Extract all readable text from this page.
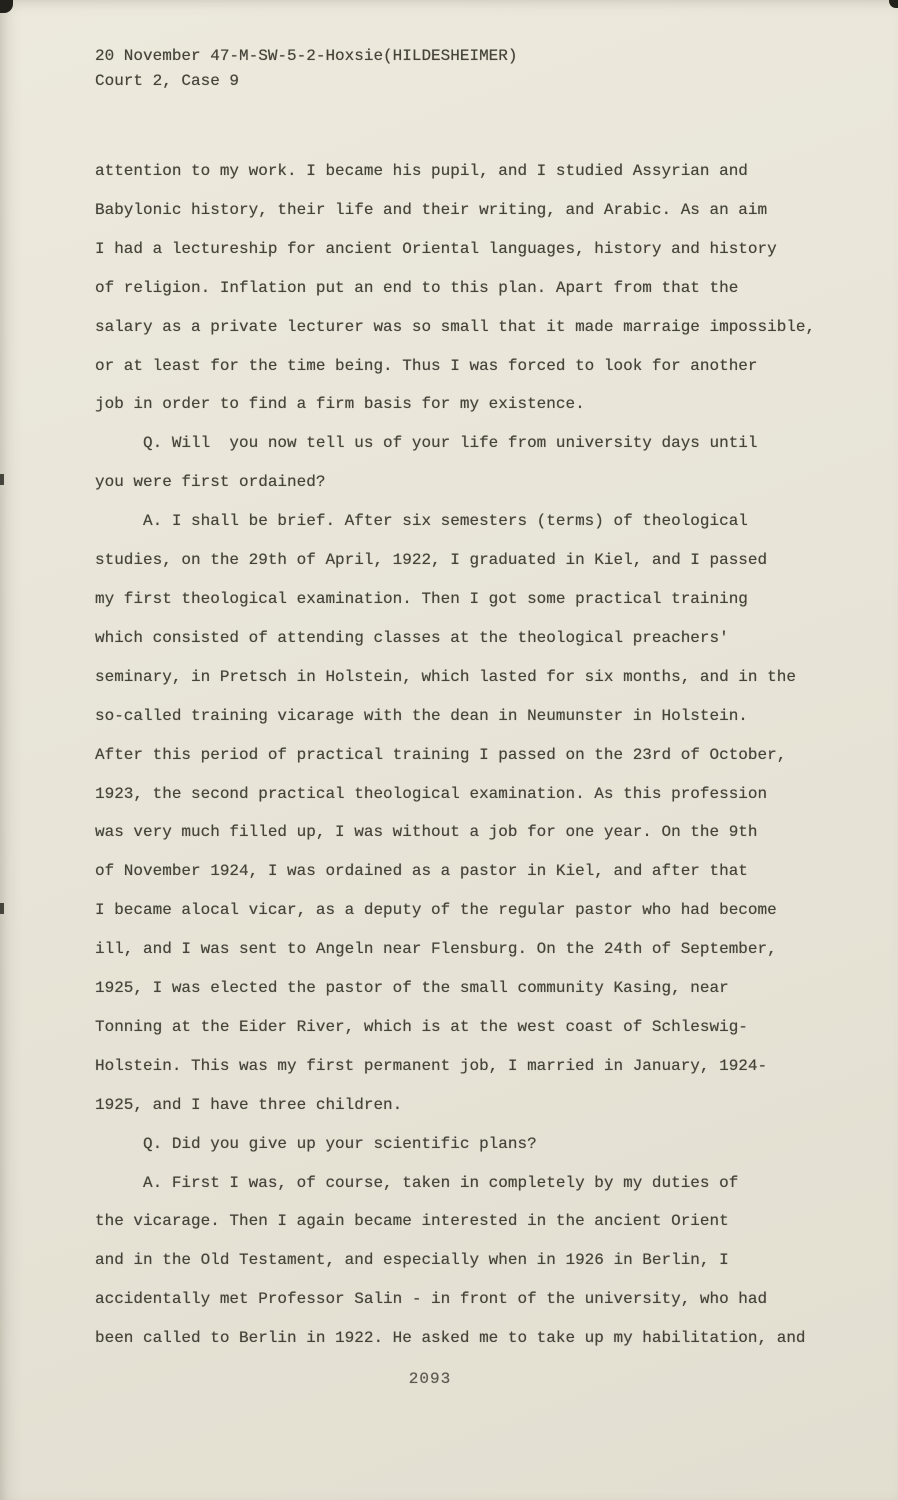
20 November 47-M-SW-5-2-Hoxsie(HILDESHEIMER)
Court 2, Case 9
attention to my work. I became his pupil, and I studied Assyrian and
Babylonic history, their life and their writing, and Arabic. As an aim
I had a lectureship for ancient Oriental languages, history and history
of religion. Inflation put an end to this plan. Apart from that the
salary as a private lecturer was so small that it made marraige impossible,
or at least for the time being. Thus I was forced to look for another
job in order to find a firm basis for my existence.
Q. Will  you now tell us of your life from university days until
you were first ordained?
A. I shall be brief. After six semesters (terms) of theological
studies, on the 29th of April, 1922, I graduated in Kiel, and I passed
my first theological examination. Then I got some practical training
which consisted of attending classes at the theological preachers'
seminary, in Pretsch in Holstein, which lasted for six months, and in the
so-called training vicarage with the dean in Neumunster in Holstein.
After this period of practical training I passed on the 23rd of October,
1923, the second practical theological examination. As this profession
was very much filled up, I was without a job for one year. On the 9th
of November 1924, I was ordained as a pastor in Kiel, and after that
I became alocal vicar, as a deputy of the regular pastor who had become
ill, and I was sent to Angeln near Flensburg. On the 24th of September,
1925, I was elected the pastor of the small community Kasing, near
Tonning at the Eider River, which is at the west coast of Schleswig-
Holstein. This was my first permanent job, I married in January, 1924-
1925, and I have three children.
Q. Did you give up your scientific plans?
A. First I was, of course, taken in completely by my duties of
the vicarage. Then I again became interested in the ancient Orient
and in the Old Testament, and especially when in 1926 in Berlin, I
accidentally met Professor Salin - in front of the university, who had
been called to Berlin in 1922. He asked me to take up my habilitation, and
2093
